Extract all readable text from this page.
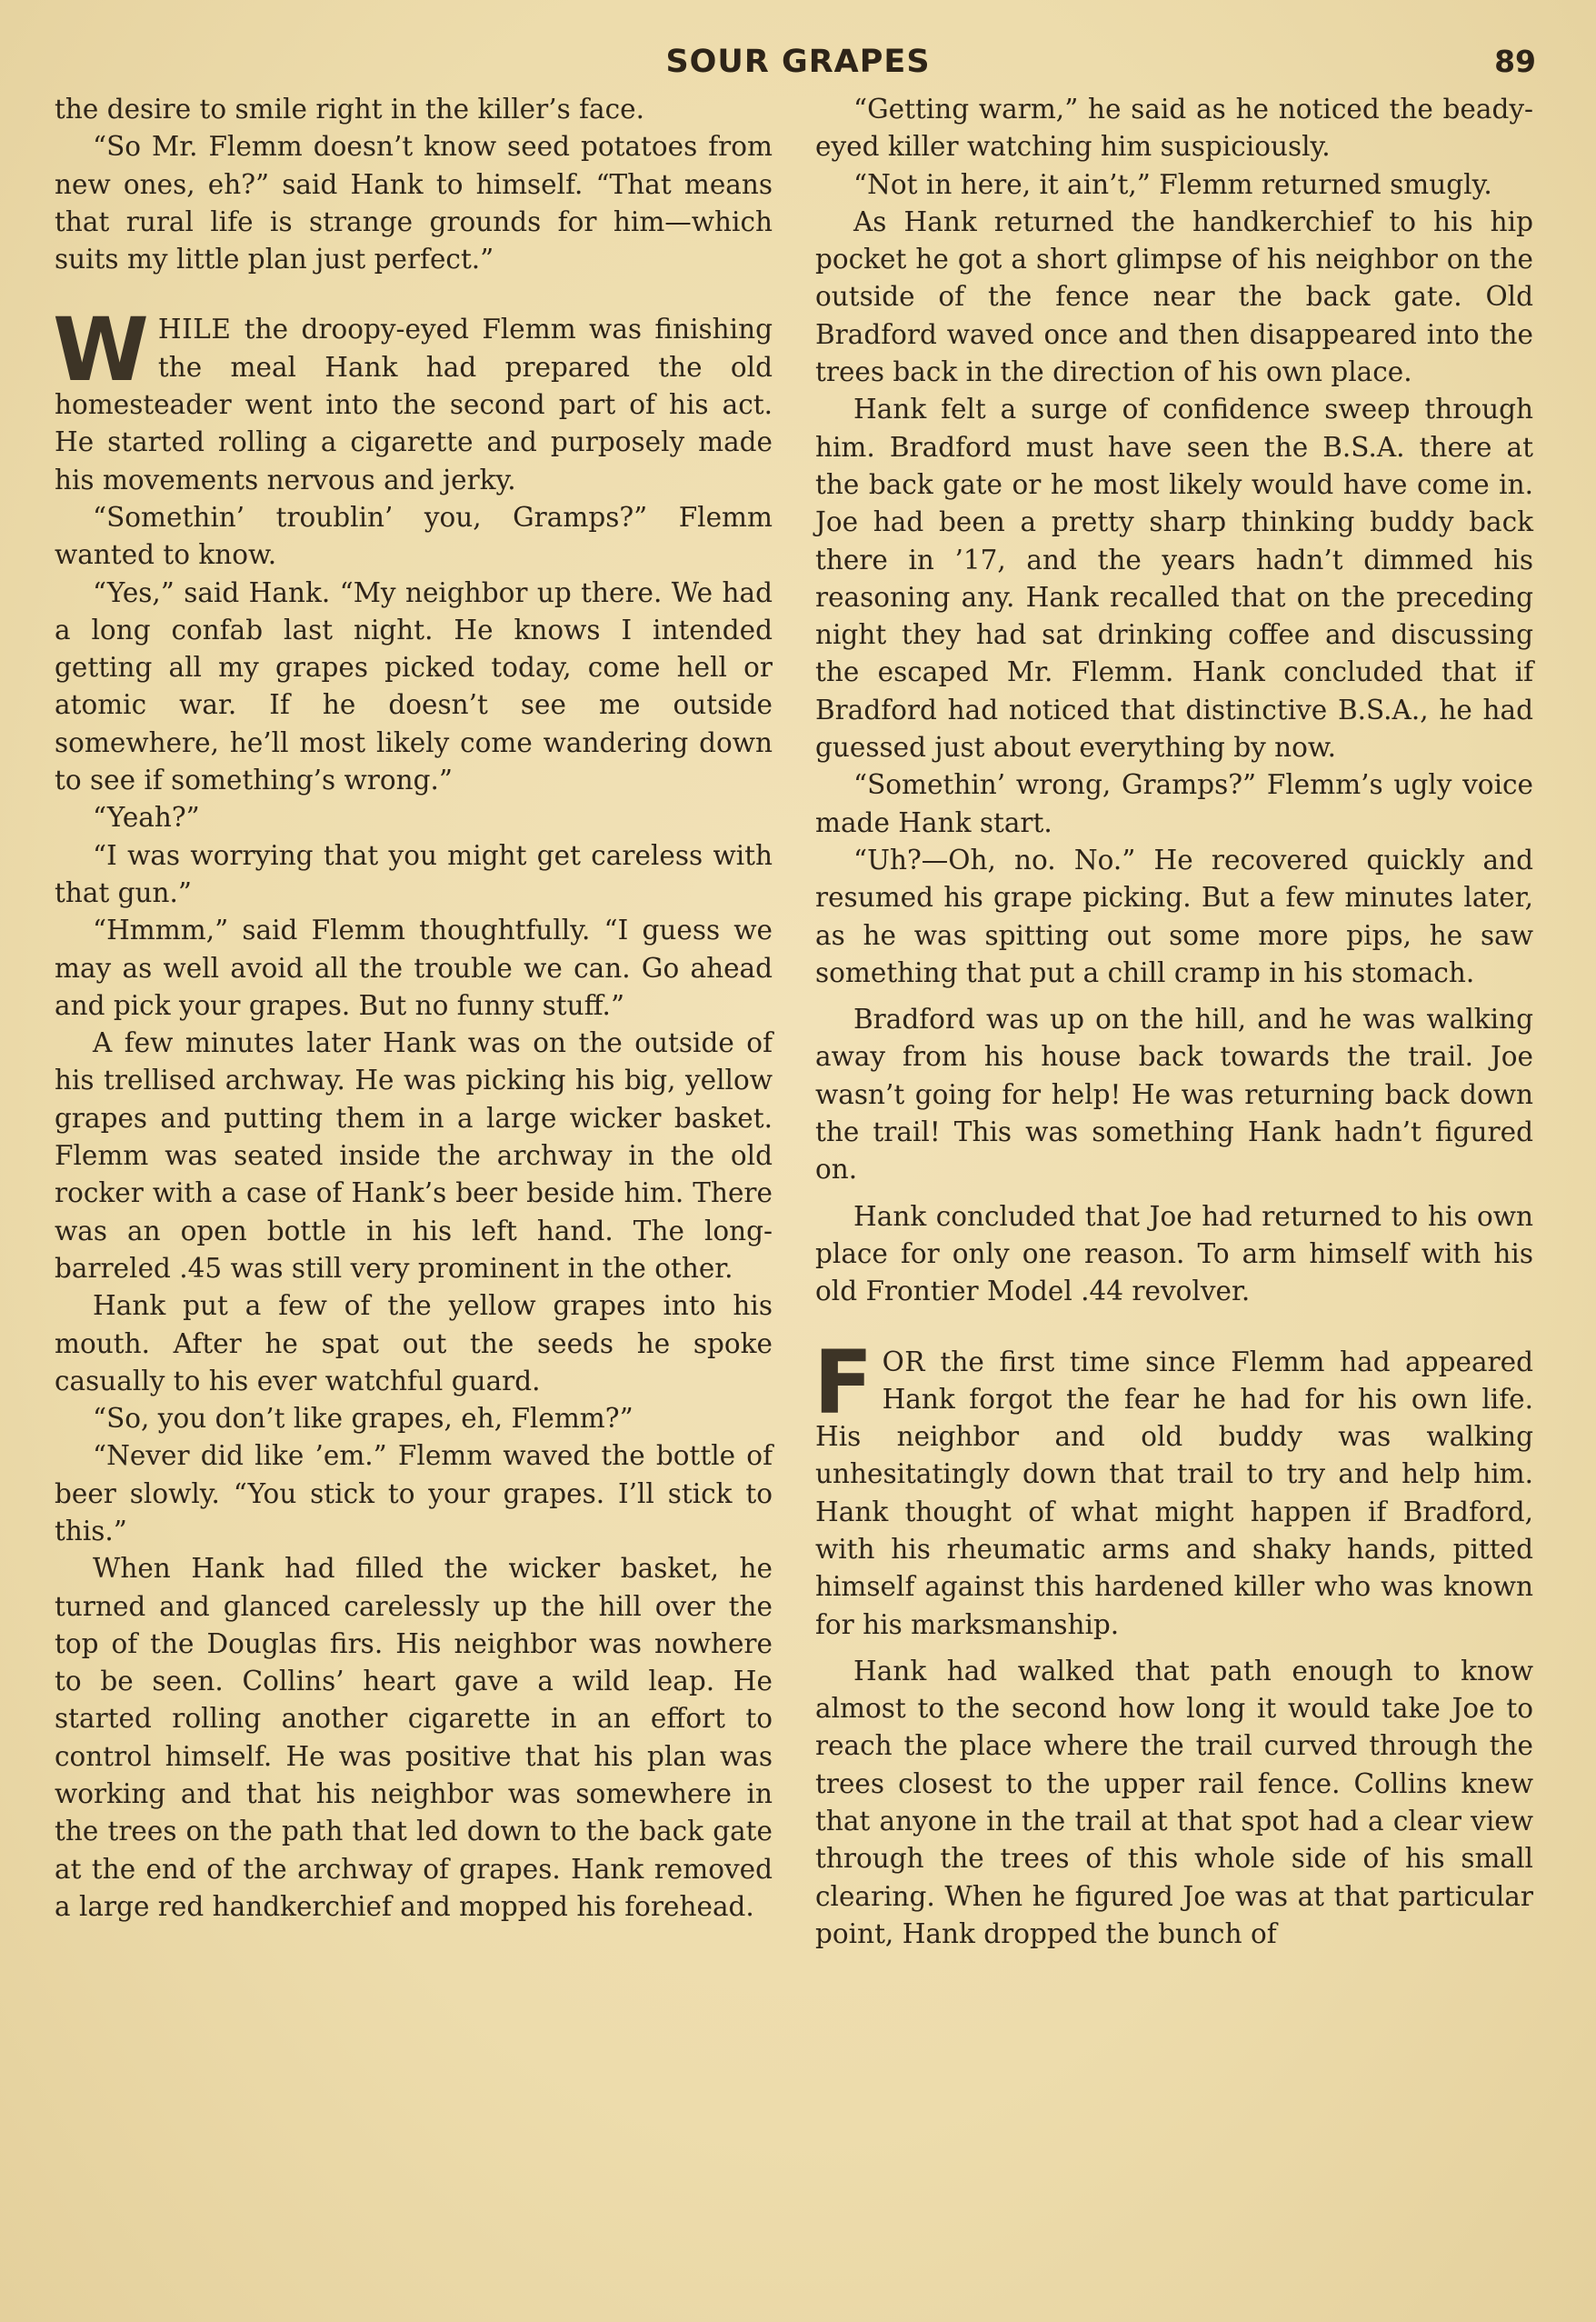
SOUR GRAPES	89

the desire to smile right in the killer’s face.

“So Mr. Flemm doesn’t know seed potatoes from new ones, eh?” said Hank to himself. “That means that rural life is strange grounds for him—which suits my little plan just perfect.”

WHILE the droopy-eyed Flemm was finishing the meal Hank had prepared the old homesteader went into the second part of his act. He started rolling a cigarette and purposely made his movements nervous and jerky.

“Somethin’ troublin’ you, Gramps?” Flemm wanted to know.

“Yes,” said Hank. “My neighbor up there. We had a long confab last night. He knows I intended getting all my grapes picked today, come hell or atomic war. If he doesn’t see me outside somewhere, he’ll most likely come wandering down to see if something’s wrong.”

“Yeah?”

“I was worrying that you might get careless with that gun.”

“Hmmm,” said Flemm thoughtfully. “I guess we may as well avoid all the trouble we can. Go ahead and pick your grapes. But no funny stuff.”

A few minutes later Hank was on the outside of his trellised archway. He was picking his big, yellow grapes and putting them in a large wicker basket. Flemm was seated inside the archway in the old rocker with a case of Hank’s beer beside him. There was an open bottle in his left hand. The long-barreled .45 was still very prominent in the other.

Hank put a few of the yellow grapes into his mouth. After he spat out the seeds he spoke casually to his ever watchful guard.

“So, you don’t like grapes, eh, Flemm?”

“Never did like ’em.” Flemm waved the bottle of beer slowly. “You stick to your grapes. I’ll stick to this.”

When Hank had filled the wicker basket, he turned and glanced carelessly up the hill over the top of the Douglas firs. His neighbor was nowhere to be seen. Collins’ heart gave a wild leap. He started rolling another cigarette in an effort to control himself. He was positive that his plan was working and that his neighbor was somewhere in the trees on the path that led down to the back gate at the end of the archway of grapes. Hank removed a large red handkerchief and mopped his forehead.

“Getting warm,” he said as he noticed the beady-eyed killer watching him suspiciously.

“Not in here, it ain’t,” Flemm returned smugly.

As Hank returned the handkerchief to his hip pocket he got a short glimpse of his neighbor on the outside of the fence near the back gate. Old Bradford waved once and then disappeared into the trees back in the direction of his own place.

Hank felt a surge of confidence sweep through him. Bradford must have seen the B.S.A. there at the back gate or he most likely would have come in. Joe had been a pretty sharp thinking buddy back there in ’17, and the years hadn’t dimmed his reasoning any. Hank recalled that on the preceding night they had sat drinking coffee and discussing the escaped Mr. Flemm. Hank concluded that if Bradford had noticed that distinctive B.S.A., he had guessed just about everything by now.

“Somethin’ wrong, Gramps?” Flemm’s ugly voice made Hank start.

“Uh?—Oh, no. No.” He recovered quickly and resumed his grape picking. But a few minutes later, as he was spitting out some more pips, he saw something that put a chill cramp in his stomach.

Bradford was up on the hill, and he was walking away from his house back towards the trail. Joe wasn’t going for help! He was returning back down the trail! This was something Hank hadn’t figured on.

Hank concluded that Joe had returned to his own place for only one reason. To arm himself with his old Frontier Model .44 revolver.

FOR the first time since Flemm had appeared Hank forgot the fear he had for his own life. His neighbor and old buddy was walking unhesitatingly down that trail to try and help him. Hank thought of what might happen if Bradford, with his rheumatic arms and shaky hands, pitted himself against this hardened killer who was known for his marksmanship.

Hank had walked that path enough to know almost to the second how long it would take Joe to reach the place where the trail curved through the trees closest to the upper rail fence. Collins knew that anyone in the trail at that spot had a clear view through the trees of this whole side of his small clearing. When he figured Joe was at that particular point, Hank dropped the bunch of
